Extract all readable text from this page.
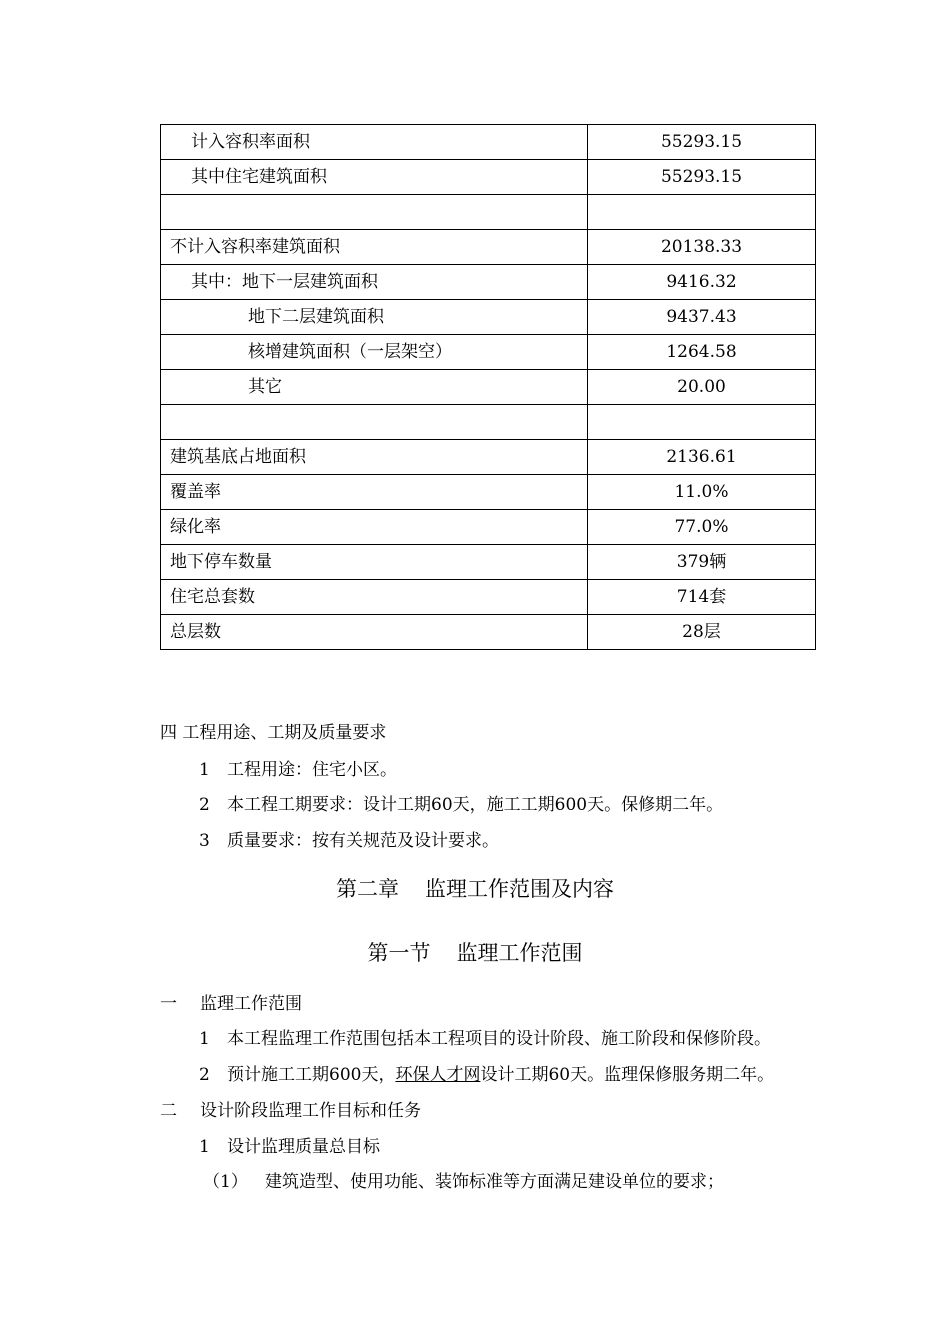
计入容积率面积	55293.15
其中住宅建筑面积	55293.15

不计入容积率建筑面积	20138.33
其中：地下一层建筑面积	9416.32
地下二层建筑面积	9437.43
核增建筑面积（一层架空）	1264.58
其它	20.00

建筑基底占地面积	2136.61
覆盖率	11.0%
绿化率	77.0%
地下停车数量	379辆
住宅总套数	714套
总层数	28层
四 工程用途、工期及质量要求
1 工程用途：住宅小区。
2 本工程工期要求：设计工期60天，施工工期600天。保修期二年。
3 质量要求：按有关规范及设计要求。
第二章 监理工作范围及内容
第一节 监理工作范围
一 监理工作范围
1 本工程监理工作范围包括本工程项目的设计阶段、施工阶段和保修阶段。
2 预计施工工期600天，环保人才网设计工期60天。监理保修服务期二年。
二 设计阶段监理工作目标和任务
1 设计监理质量总目标
（1） 建筑造型、使用功能、装饰标准等方面满足建设单位的要求；
